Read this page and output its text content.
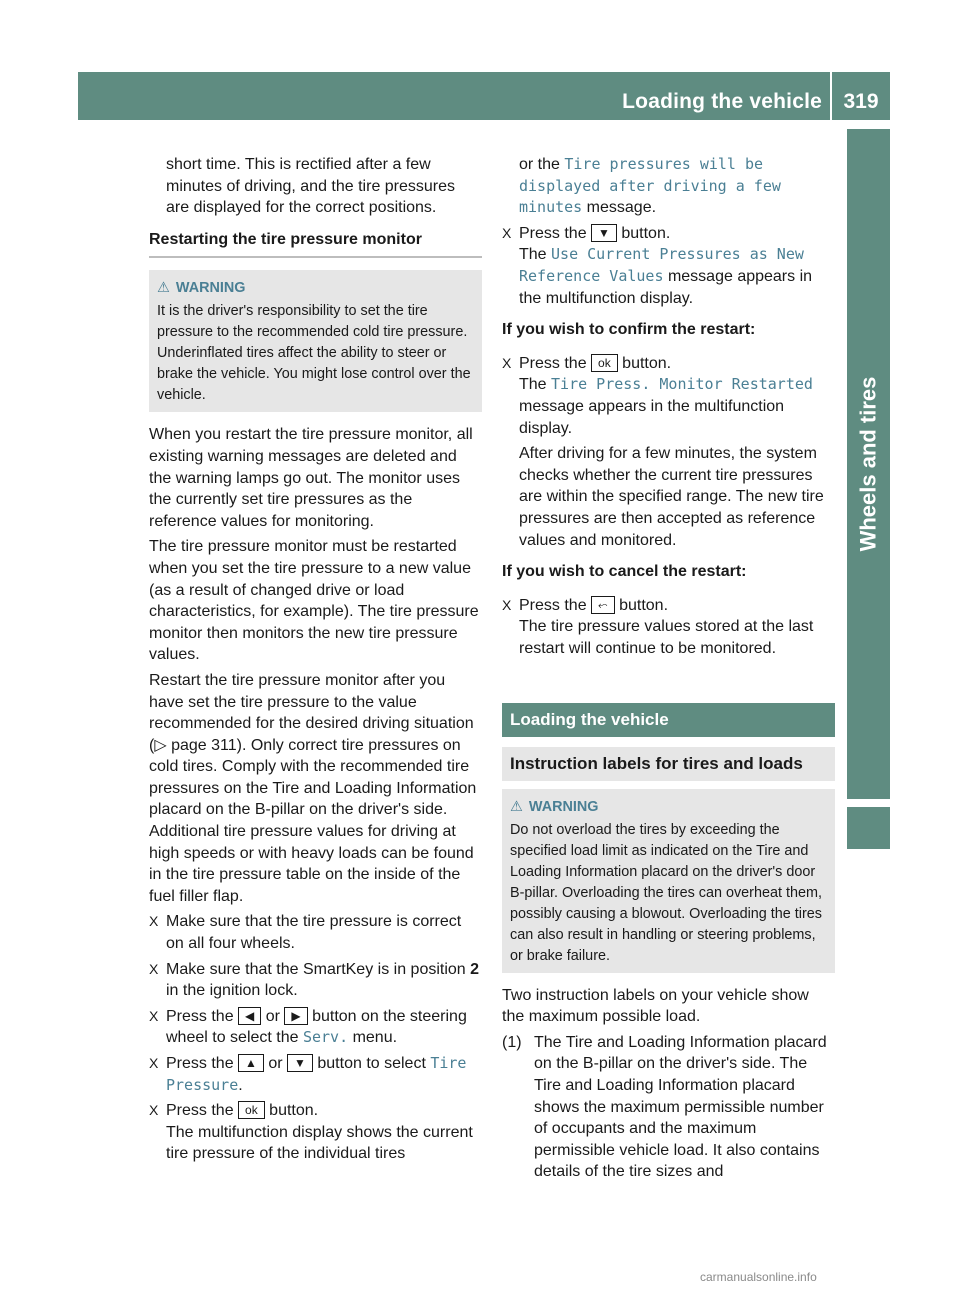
Loading the vehicle	319
Wheels and tires

short time. This is rectified after a few minutes of driving, and the tire pressures are displayed for the correct positions.

Restarting the tire pressure monitor
⚠ WARNING
It is the driver's responsibility to set the tire pressure to the recommended cold tire pressure. Underinflated tires affect the ability to steer or brake the vehicle. You might lose control over the vehicle.

When you restart the tire pressure monitor, all existing warning messages are deleted and the warning lamps go out. The monitor uses the currently set tire pressures as the reference values for monitoring.

The tire pressure monitor must be restarted when you set the tire pressure to a new value (as a result of changed drive or load characteristics, for example). The tire pressure monitor then monitors the new tire pressure values.

Restart the tire pressure monitor after you have set the tire pressure to the value recommended for the desired driving situation (▷ page 311). Only correct tire pressures on cold tires. Comply with the recommended tire pressures on the Tire and Loading Information placard on the B-pillar on the driver's side. Additional tire pressure values for driving at high speeds or with heavy loads can be found in the tire pressure table on the inside of the fuel filler flap.

X Make sure that the tire pressure is correct on all four wheels.
X Make sure that the SmartKey is in position 2 in the ignition lock.
X Press the ◀ or ▶ button on the steering wheel to select the Serv. menu.
X Press the ▲ or ▼ button to select Tire Pressure.
X Press the ok button.
The multifunction display shows the current tire pressure of the individual tires

or the Tire pressures will be displayed after driving a few minutes message.

X Press the ▼ button.
The Use Current Pressures as New Reference Values message appears in the multifunction display.
If you wish to confirm the restart:
X Press the ok button.
The Tire Press. Monitor Restarted message appears in the multifunction display.

After driving for a few minutes, the system checks whether the current tire pressures are within the specified range. The new tire pressures are then accepted as reference values and monitored.

If you wish to cancel the restart:
X Press the ⬿ button.
The tire pressure values stored at the last restart will continue to be monitored.
Loading the vehicle
Instruction labels for tires and loads
⚠ WARNING
Do not overload the tires by exceeding the specified load limit as indicated on the Tire and Loading Information placard on the driver's door B-pillar. Overloading the tires can overheat them, possibly causing a blowout. Overloading the tires can also result in handling or steering problems, or brake failure.

Two instruction labels on your vehicle show the maximum possible load.

(1) The Tire and Loading Information placard on the B-pillar on the driver's side. The Tire and Loading Information placard shows the maximum permissible number of occupants and the maximum permissible vehicle load. It also contains details of the tire sizes and
carmanualsonline.info
